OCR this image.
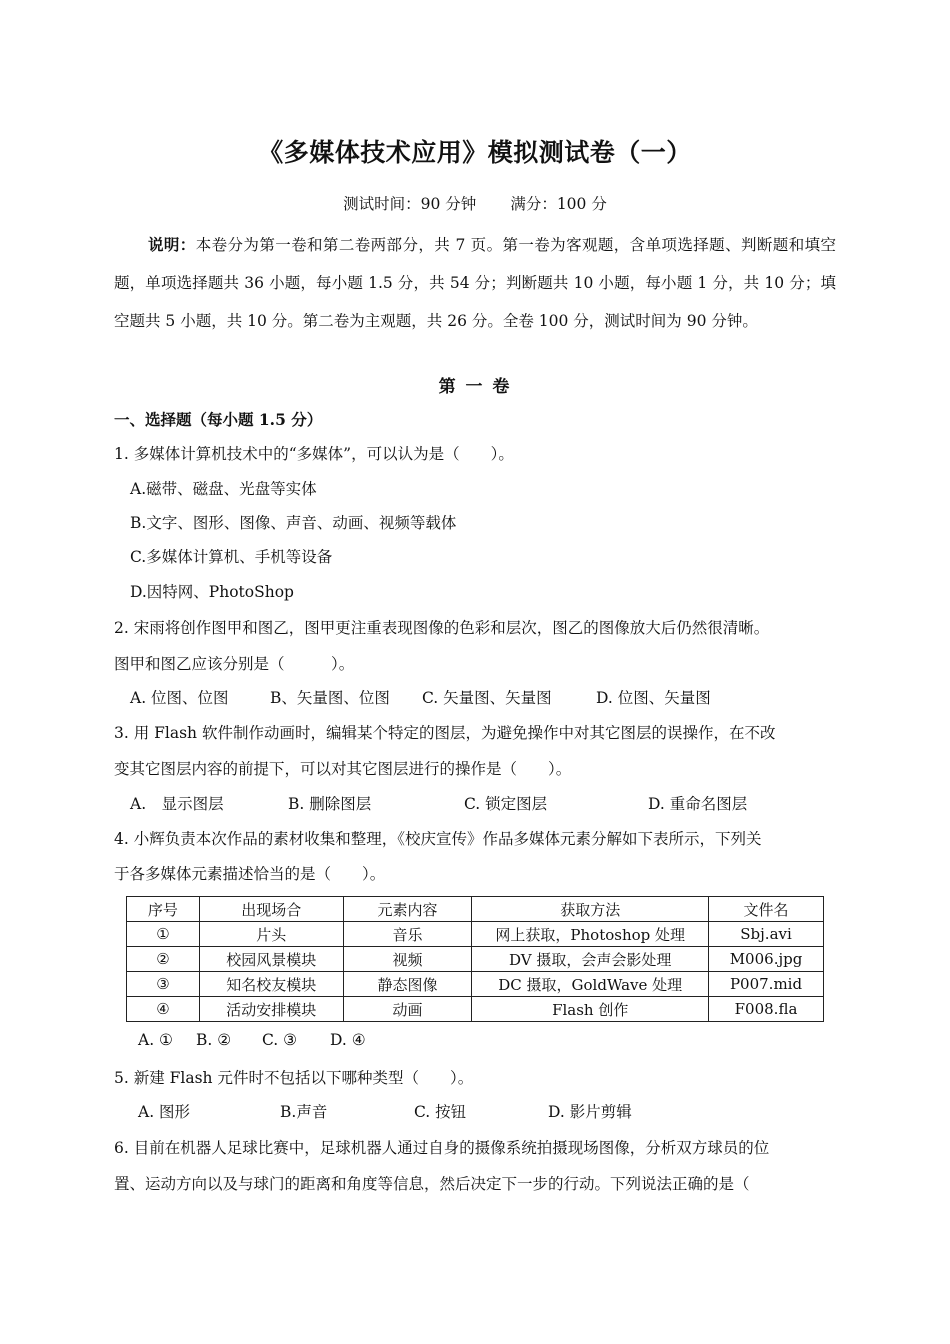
《多媒体技术应用》模拟测试卷（一）
测试时间：90 分钟 满分：100 分
说明：本卷分为第一卷和第二卷两部分，共 7 页。第一卷为客观题，含单项选择题、判断题和填空题，单项选择题共 36 小题，每小题 1.5 分，共 54 分；判断题共 10 小题，每小题 1 分，共 10 分；填空题共 5 小题，共 10 分。第二卷为主观题，共 26 分。全卷 100 分，测试时间为 90 分钟。
第 一 卷
一、选择题（每小题 1.5 分）
1. 多媒体计算机技术中的“多媒体”，可以认为是（　　）。
A.磁带、磁盘、光盘等实体
B.文字、图形、图像、声音、动画、视频等载体
C.多媒体计算机、手机等设备
D.因特网、PhotoShop
2. 宋雨将创作图甲和图乙，图甲更注重表现图像的色彩和层次，图乙的图像放大后仍然很清晰。
图甲和图乙应该分别是（　　　）。
A. 位图、位图	B、矢量图、位图 C. 矢量图、矢量图	D. 位图、矢量图
3. 用 Flash 软件制作动画时，编辑某个特定的图层，为避免操作中对其它图层的误操作，在不改
变其它图层内容的前提下，可以对其它图层进行的操作是（　　）。
A.　显示图层	B. 删除图层	C. 锁定图层	D. 重命名图层
4. 小辉负责本次作品的素材收集和整理，《校庆宣传》作品多媒体元素分解如下表所示，下列关
于各多媒体元素描述恰当的是（　　）。
序号	出现场合	元素内容	获取方法	文件名
①	片头	音乐	网上获取，Photoshop 处理	Sbj.avi
②	校园风景模块	视频	DV 摄取，会声会影处理	M006.jpg
③	知名校友模块	静态图像	DC 摄取，GoldWave 处理	P007.mid
④	活动安排模块	动画	Flash 创作	F008.fla
A. ① B. ② C. ③ D. ④
5. 新建 Flash 元件时不包括以下哪种类型（　　）。
A. 图形	B.声音	C. 按钮	D. 影片剪辑
6. 目前在机器人足球比赛中，足球机器人通过自身的摄像系统拍摄现场图像，分析双方球员的位
置、运动方向以及与球门的距离和角度等信息，然后决定下一步的行动。下列说法正确的是（
